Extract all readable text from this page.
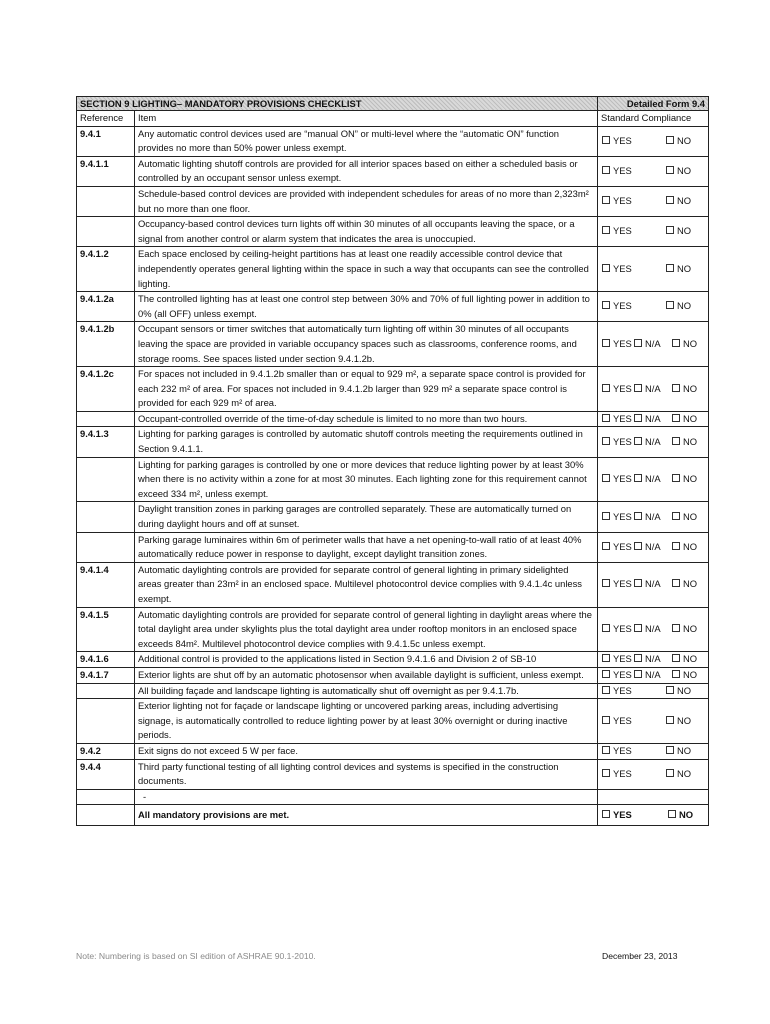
SECTION 9 LIGHTING– MANDATORY PROVISIONS CHECKLIST		Detailed Form 9.4
Reference	Item	Standard Compliance
9.4.1	Any automatic control devices used are “manual ON” or multi-level where the “automatic ON” function provides no more than 50% power unless exempt.	YES NO
9.4.1.1	Automatic lighting shutoff controls are provided for all interior spaces based on either a scheduled basis or controlled by an occupant sensor unless exempt.	YES NO
	Schedule-based control devices are provided with independent schedules for areas of no more than 2,323m² but no more than one floor.	YES NO
	Occupancy-based control devices turn lights off within 30 minutes of all occupants leaving the space, or a signal from another control or alarm system that indicates the area is unoccupied.	YES NO
9.4.1.2	Each space enclosed by ceiling-height partitions has at least one readily accessible control device that independently operates general lighting within the space in such a way that occupants can see the controlled lighting.	YES NO
9.4.1.2a	The controlled lighting has at least one control step between 30% and 70% of full lighting power in addition to 0% (all OFF) unless exempt.	YES NO
9.4.1.2b	Occupant sensors or timer switches that automatically turn lighting off within 30 minutes of all occupants leaving the space are provided in variable occupancy spaces such as classrooms, conference rooms, and storage rooms. See spaces listed under section 9.4.1.2b.	YES N/A NO
9.4.1.2c	For spaces not included in 9.4.1.2b smaller than or equal to 929 m², a separate space control is provided for each 232 m² of area. For spaces not included in 9.4.1.2b larger than 929 m² a separate space control is provided for each 929 m² of area.	YES N/A NO
	Occupant-controlled override of the time-of-day schedule is limited to no more than two hours.	YES N/A NO
9.4.1.3	Lighting for parking garages is controlled by automatic shutoff controls meeting the requirements outlined in Section 9.4.1.1.	YES N/A NO
	Lighting for parking garages is controlled by one or more devices that reduce lighting power by at least 30% when there is no activity within a zone for at most 30 minutes. Each lighting zone for this requirement cannot exceed 334 m², unless exempt.	YES N/A NO
	Daylight transition zones in parking garages are controlled separately. These are automatically turned on during daylight hours and off at sunset.	YES N/A NO
	Parking garage luminaires within 6m of perimeter walls that have a net opening-to-wall ratio of at least 40% automatically reduce power in response to daylight, except daylight transition zones.	YES N/A NO
9.4.1.4	Automatic daylighting controls are provided for separate control of general lighting in primary sidelighted areas greater than 23m² in an enclosed space. Multilevel photocontrol device complies with 9.4.1.4c unless exempt.	YES N/A NO
9.4.1.5	Automatic daylighting controls are provided for separate control of general lighting in daylight areas where the total daylight area under skylights plus the total daylight area under rooftop monitors in an enclosed space exceeds 84m². Multilevel photocontrol device complies with 9.4.1.5c unless exempt.	YES N/A NO
9.4.1.6	Additional control is provided to the applications listed in Section 9.4.1.6 and Division 2 of SB-10	YES N/A NO
9.4.1.7	Exterior lights are shut off by an automatic photosensor when available daylight is sufficient, unless exempt.	YES N/A NO
	All building façade and landscape lighting is automatically shut off overnight as per 9.4.1.7b.	YES NO
	Exterior lighting not for façade or landscape lighting or uncovered parking areas, including advertising signage, is automatically controlled to reduce lighting power by at least 30% overnight or during inactive periods.	YES NO
9.4.2	Exit signs do not exceed 5 W per face.	YES NO
9.4.4	Third party functional testing of all lighting control devices and systems is specified in the construction documents.	YES NO
	-	
	All mandatory provisions are met.	YES NO
Note: Numbering is based on SI edition of ASHRAE 90.1-2010.	December 23, 2013
